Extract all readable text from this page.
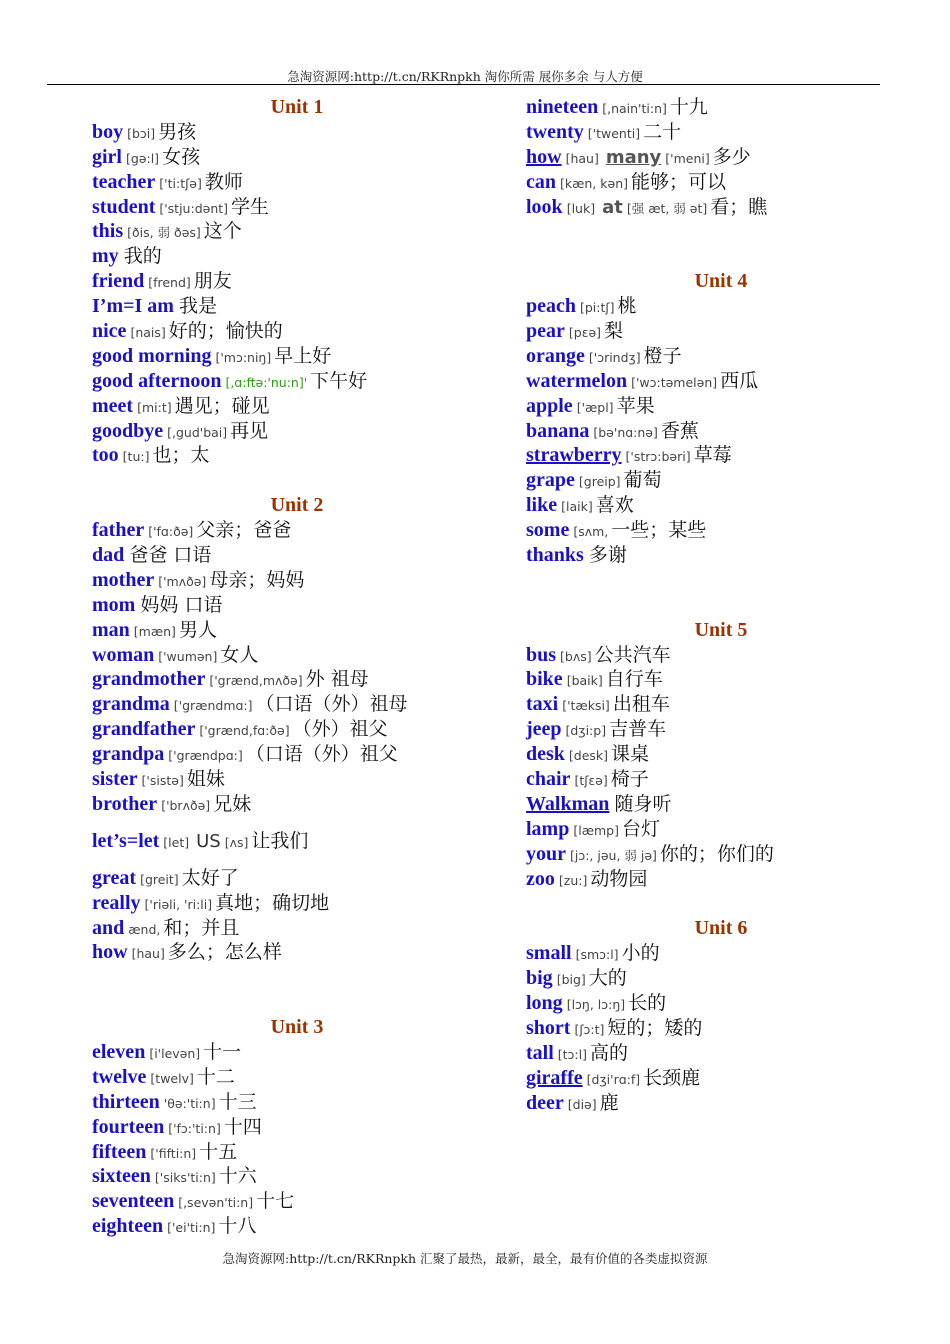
急淘资源网:http://t.cn/RKRnpkh 淘你所需 展你多余 与人方便
Unit 1
boy [bɔi] 男孩
girl [gə:l] 女孩
teacher ['ti:tʃə] 教师
student ['stju:dənt] 学生
this [ðis, 弱 ðəs] 这个
my 我的
friend [frend] 朋友
I’m=I am 我是
nice [nais] 好的；愉快的
good morning ['mɔ:niŋ] 早上好
good afternoon [,ɑ:ftə:'nu:n]' 下午好
meet [mi:t] 遇见；碰见
goodbye [,gud'bai] 再见
too [tu:] 也；太
Unit 2
father ['fɑ:ðə] 父亲；爸爸
dad 爸爸 口语
mother ['mʌðə] 母亲；妈妈
mom 妈妈 口语
man [mæn] 男人
woman ['wumən] 女人
grandmother ['grænd,mʌðə] 外 祖母
grandma ['grændmɑ:] （口语（外）祖母
grandfather ['grænd,fɑ:ðə] （外）祖父
grandpa ['grændpɑ:] （口语（外）祖父
sister ['sistə] 姐妹
brother ['brʌðə] 兄妹
let’s=let [let] US [ʌs] 让我们
great [greit] 太好了
really ['riəli, 'ri:li] 真地；确切地
and ænd, 和；并且
how [hau] 多么；怎么样
Unit 3
eleven [i'levən] 十一
twelve [twelv] 十二
thirteen 'θə:'ti:n] 十三
fourteen ['fɔ:'ti:n] 十四
fifteen ['fifti:n] 十五
sixteen ['siks'ti:n] 十六
seventeen [,sevən'ti:n] 十七
eighteen ['ei'ti:n] 十八
nineteen [,nain'ti:n] 十九
twenty ['twenti] 二十
how [hau] many ['meni] 多少
can [kæn, kən] 能够；可以
look [luk] at [强 æt, 弱 ət] 看；瞧
Unit 4
peach [pi:tʃ] 桃
pear [pɛə] 梨
orange ['ɔrindʒ] 橙子
watermelon ['wɔ:təmelən] 西瓜
apple ['æpl] 苹果
banana [bə'nɑ:nə] 香蕉
strawberry ['strɔ:bəri] 草莓
grape [greip] 葡萄
like [laik] 喜欢
some [sʌm, 一些；某些
thanks 多谢
Unit 5
bus [bʌs] 公共汽车
bike [baik] 自行车
taxi ['tæksi] 出租车
jeep [dʒi:p] 吉普车
desk [desk] 课桌
chair [tʃɛə] 椅子
Walkman 随身听
lamp [læmp] 台灯
your [jɔ:, jəu, 弱 jə] 你的；你们的
zoo [zu:] 动物园
Unit 6
small [smɔ:l] 小的
big [big] 大的
long [lɔŋ, lɔ:ŋ] 长的
short [ʃɔ:t] 短的；矮的
tall [tɔ:l] 高的
giraffe [dʒi'rɑ:f] 长颈鹿
deer [diə] 鹿
急淘资源网:http://t.cn/RKRnpkh 汇聚了最热，最新，最全，最有价值的各类虚拟资源
